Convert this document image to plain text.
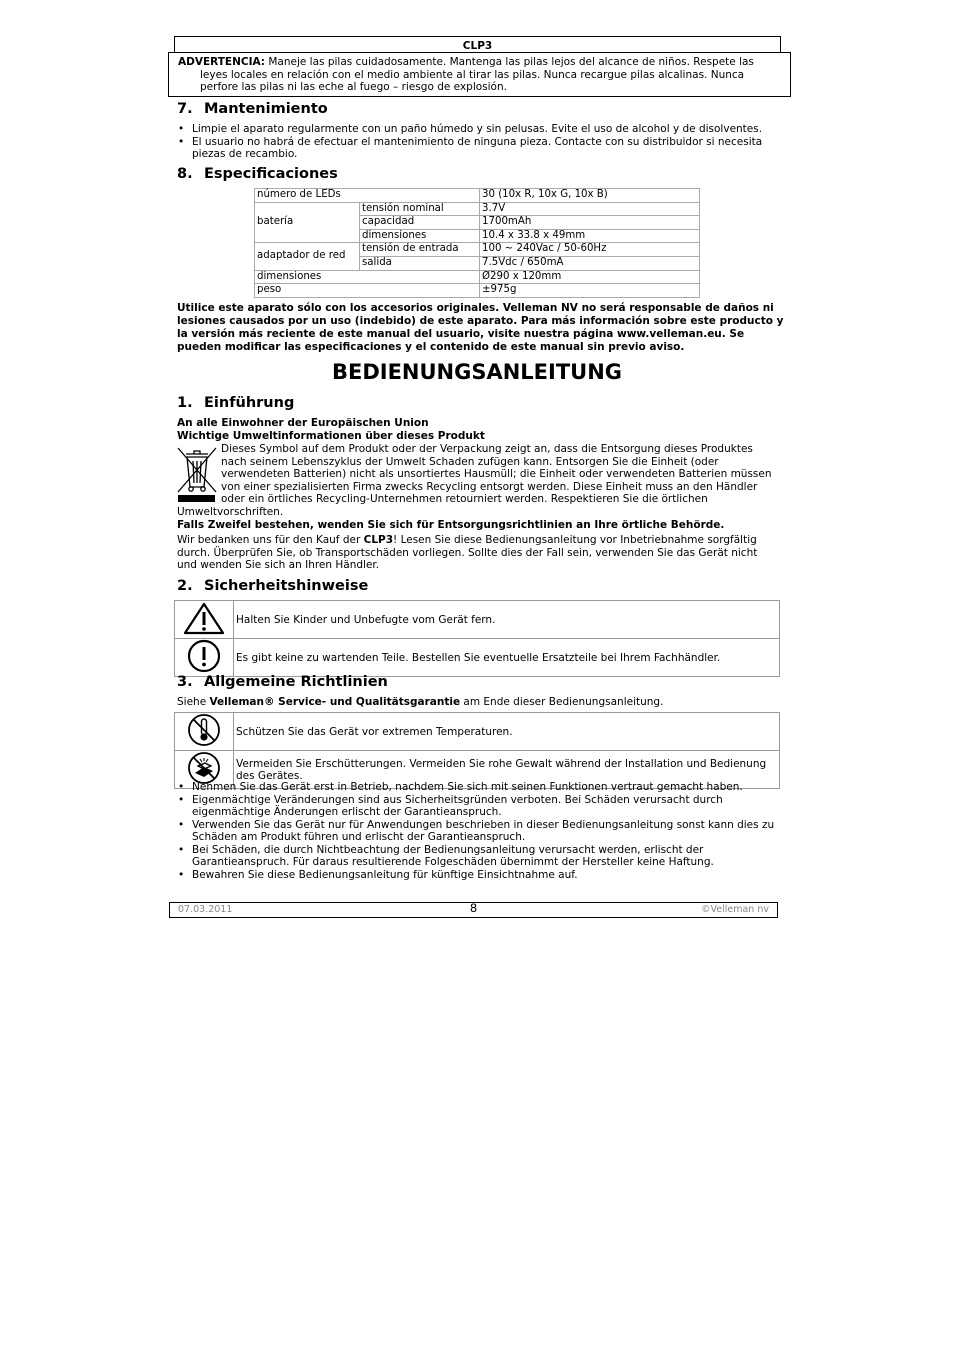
CLP3
ADVERTENCIA: Maneje las pilas cuidadosamente. Mantenga las pilas lejos del alcance de niños. Respete las
leyes locales en relación con el medio ambiente al tirar las pilas. Nunca recargue pilas alcalinas. Nunca
perfore las pilas ni las eche al fuego – riesgo de explosión.
7. Mantenimiento
• Limpie el aparato regularmente con un paño húmedo y sin pelusas. Evite el uso de alcohol y de disolventes.
• El usuario no habrá de efectuar el mantenimiento de ninguna pieza. Contacte con su distribuidor si necesita piezas de recambio.
8. Especificaciones
número de LEDs		30 (10x R, 10x G, 10x B)
batería	tensión nominal	3.7V
	capacidad	1700mAh
	dimensiones	10.4 x 33.8 x 49mm
adaptador de red	tensión de entrada	100 ~ 240Vac / 50-60Hz
	salida	7.5Vdc / 650mA
dimensiones		Ø290 x 120mm
peso		±975g
Utilice este aparato sólo con los accesorios originales. Velleman NV no será responsable de daños ni
lesiones causados por un uso (indebido) de este aparato. Para más información sobre este producto y
la versión más reciente de este manual del usuario, visite nuestra página www.velleman.eu. Se
pueden modificar las especificaciones y el contenido de este manual sin previo aviso.
BEDIENUNGSANLEITUNG
1. Einführung
An alle Einwohner der Europäischen Union
Wichtige Umweltinformationen über dieses Produkt
Dieses Symbol auf dem Produkt oder der Verpackung zeigt an, dass die Entsorgung dieses Produktes
nach seinem Lebenszyklus der Umwelt Schaden zufügen kann. Entsorgen Sie die Einheit (oder
verwendeten Batterien) nicht als unsortiertes Hausmüll; die Einheit oder verwendeten Batterien müssen
von einer spezialisierten Firma zwecks Recycling entsorgt werden. Diese Einheit muss an den Händler
oder ein örtliches Recycling-Unternehmen retourniert werden. Respektieren Sie die örtlichen
Umweltvorschriften.
Falls Zweifel bestehen, wenden Sie sich für Entsorgungsrichtlinien an Ihre örtliche Behörde.
Wir bedanken uns für den Kauf der CLP3! Lesen Sie diese Bedienungsanleitung vor Inbetriebnahme sorgfältig
durch. Überprüfen Sie, ob Transportschäden vorliegen. Sollte dies der Fall sein, verwenden Sie das Gerät nicht
und wenden Sie sich an Ihren Händler.
2. Sicherheitshinweise
	Halten Sie Kinder und Unbefugte vom Gerät fern.
	Es gibt keine zu wartenden Teile. Bestellen Sie eventuelle Ersatzteile bei Ihrem Fachhändler.
3. Allgemeine Richtlinien
Siehe Velleman® Service- und Qualitätsgarantie am Ende dieser Bedienungsanleitung.
	Schützen Sie das Gerät vor extremen Temperaturen.
	Vermeiden Sie Erschütterungen. Vermeiden Sie rohe Gewalt während der Installation und Bedienung des Gerätes.
• Nehmen Sie das Gerät erst in Betrieb, nachdem Sie sich mit seinen Funktionen vertraut gemacht haben.
• Eigenmächtige Veränderungen sind aus Sicherheitsgründen verboten. Bei Schäden verursacht durch eigenmächtige Änderungen erlischt der Garantieanspruch.
• Verwenden Sie das Gerät nur für Anwendungen beschrieben in dieser Bedienungsanleitung sonst kann dies zu Schäden am Produkt führen und erlischt der Garantieanspruch.
• Bei Schäden, die durch Nichtbeachtung der Bedienungsanleitung verursacht werden, erlischt der Garantieanspruch. Für daraus resultierende Folgeschäden übernimmt der Hersteller keine Haftung.
• Bewahren Sie diese Bedienungsanleitung für künftige Einsichtnahme auf.
07.03.2011	8	©Velleman nv
